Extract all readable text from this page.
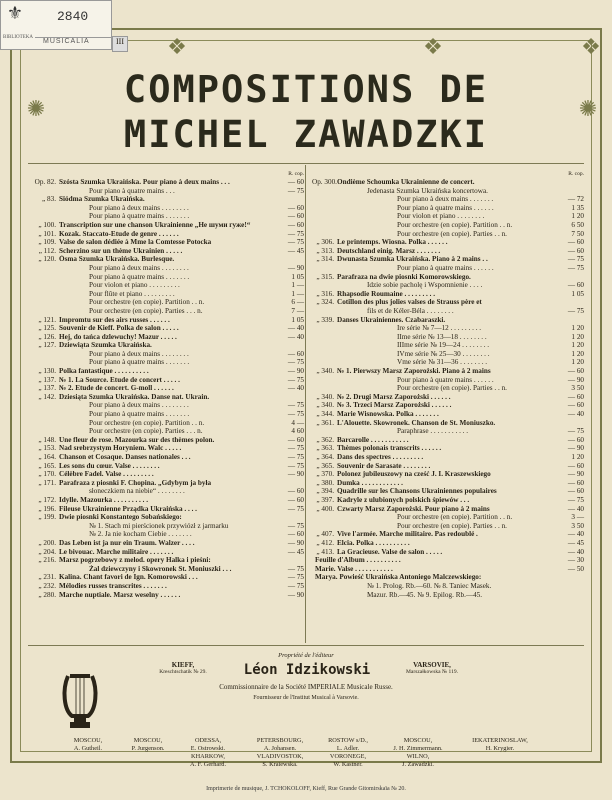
❖	❖	❖
✺	✺
⚜	2840
BIBLIOTEKA
MUSICALIA	III
COMPOSITIONS DE
MICHEL ZAWADZKI
R. cop.
Op. 82. Szósta Szumka Ukraińska. Pour piano à deux mains . . .	— 60
Pour piano à quatre mains . . .	— 75
„ 83. Siódma Szumka Ukraińska.
Pour piano à deux mains . . . . . . . .	— 60
Pour piano à quatre mains . . . . . . .	— 60
„ 100. Transcription sur une chanson Ukrainienne „He шуми гуже!“	— 60
„ 101. Kozak. Staccato-Etude de genre . . . . . .	— 75
„ 109. Valse de salon dédiée à Mme la Comtesse Potocka	— 75
„ 112. Scherzino sur un thème Ukrainien . . . . .	— 45
„ 120. Ósma Szumka Ukraińska. Burlesque.
Pour piano à deux mains . . . . . . . .	— 90
Pour piano à quatre mains . . . . . . .	1 05
Pour violon et piano . . . . . . . . .	1 —
Pour flûte et piano . . . . . . . . .	1 —
Pour orchestre (en copie). Partition . . n.	6 —
Pour orchestre (en copie). Parties . . . n.	7 —
„ 121. Impromtu sur des airs russes . . . . . .	1 05
„ 125. Souvenir de Kieff. Polka de salon . . . . .	— 40
„ 126. Hej, do tańca dzlewuchy! Mazur . . . . .	— 40
„ 127. Dziewiąta Szumka Ukraińska.
Pour piano à deux mains . . . . . . . .	— 60
Pour piano à quatre mains . . . . . . .	— 75
„ 130. Polka fantastique . . . . . . . . . .	— 90
„ 137. № 1. La Source. Etude de concert . . . . .	— 75
„ 137. № 2. Etude de concert. G-moll . . . . . .	— 40
„ 142. Dziesiąta Szumka Ukraińska. Danse nat. Ukrain.
Pour piano à deux mains . . . . . . . .	— 75
Pour piano à quatre mains . . . . . . .	— 75
Pour orchestre (en copie). Partition . . n.	4 —
Pour orchestre (en copie). Parties . . . n.	4 60
„ 148. Une fleur de rose. Mazourka sur des thèmes polon.	— 60
„ 153. Nad srebrzystym Horyniem. Walc . . . . .	— 75
„ 164. Chanson et Cosaque. Danses nationales . . .	— 75
„ 165. Les sons du cœur. Valse . . . . . . . .	— 75
„ 170. Célèbre Fadel. Valse . . . . . . . . .	— 90
„ 171. Parafraza z piosnki F. Chopina. „Gdybym ja była
słoneczkiem na niebie“ . . . . . . . .	— 60
„ 172. Idylle. Mazourka . . . . . . . . . .	— 60
„ 196. Fileuse Ukrainienne Prządka Ukraińska . . . .	— 75
„ 199. Dwie piosnki Konstantego Sobańskiego:
№ 1. Stach mi pierścionek przywiózł z jarmarku	— 75
№ 2. Ja nie kocham Ciebie . . . . . . .	— 60
„ 200. Das Leben ist ja nur ein Traum. Walzer . . . .	— 90
„ 204. Le bivouac. Marche militaire . . . . . . .	— 45
„ 216. Marsz pogrzebowy z melod. opery Halka i pieśni:
Żal dziewczyny i Skowronek St. Moniuszki . . .	— 75
„ 231. Kalina. Chant favori de Ign. Komorowski . . .	— 75
„ 232. Mélodies russes transcrites . . . . . . .	— 75
„ 280. Marche nuptiale. Marsz weselny . . . . . .	— 90
R. cop.
Op. 300. Ondième Schoumka Ukrainienne de concert.
Jedenasta Szumka Ukraińska koncertowa.
Pour piano à deux mains . . . . . . .	— 72
Pour piano à quatre mains . . . . . .	1 35
Pour violon et piano . . . . . . . .	1 20
Pour orchestre (en copie). Partition . . n.	6 50
Pour orchestre (en copie). Parties . . n.	7 50
„ 306. Le printemps. Wiosna. Polka . . . . . .	— 60
„ 313. Deutschland einig. Marsz . . . . . . .	— 60
„ 314. Dwunasta Szumka Ukraińska. Piano à 2 mains . .	— 75
Pour piano à quatre mains . . . . . .	— 75
„ 315. Parafraza na dwie piosnki Komorowskiego.
Idzie sobie pacholę i Wspomnienie . . . .	— 60
„ 316. Rhapsodie Roumaine . . . . . . . . .	1 05
„ 324. Cotillon des plus jolies valses de Strauss père et
fils et de Kéler-Béla . . . . . . . .	— 75
„ 339. Danses Ukrainiennes. Czabaraszki.
Ire série № 7—12 . . . . . . . . .	1 20
IIme série № 13—18 . . . . . . . .	1 20
IIIme série № 19—24 . . . . . . . .	1 20
IVme série № 25—30 . . . . . . . .	1 20
Vme série № 31—36 . . . . . . . .	1 20
„ 340. № 1. Pierwszy Marsz Zaporożski. Piano à 2 mains	— 60
Pour piano à quatre mains . . . . . .	— 90
Pour orchestre (en copie). Parties . . n.	3 50
„ 340. № 2. Drugi Marsz Zaporożski . . . . . .	— 60
„ 340. № 3. Trzeci Marsz Zaporożski . . . . . .	— 60
„ 344. Marie Wisnowska. Polka . . . . . . .	— 40
„ 361. L'Alouette. Skowronek. Chanson de St. Moniuszko.
Paraphrase . . . . . . . . . . .	— 75
„ 362. Barcarolle . . . . . . . . . . .	— 60
„ 363. Thèmes polonais transcrits . . . . . .	— 90
„ 364. Dans des spectres . . . . . . . . .	1 20
„ 365. Souvenir de Sarasate . . . . . . . .	— 60
„ 370. Polonez jubileuszowy na cześć J. I. Kraszewskiego	— 90
„ 380. Dumka . . . . . . . . . . . .	— 60
„ 394. Quadrille sur les Chansons Ukrainiennes populaires	— 60
„ 397. Kadryle z ulubionych polskich śpiewów . . .	— 75
„ 400. Czwarty Marsz Zaporożski. Pour piano à 2 mains	— 40
Pour orchestre (en copie). Partition . . n.	3 —
Pour orchestre (en copie). Parties . . n.	3 50
„ 407. Vive l'armée. Marche militaire. Pas redoublé .	— 40
„ 412. Elcia. Polka . . . . . . . . . .	— 45
„ 413. La Gracieuse. Valse de salon . . . . .	— 40
Feuille d'Album . . . . . . . . . .	— 30
Marie. Valse . . . . . . . . . . .	— 50
Marya. Powieść Ukraińska Antoniego Malczewskiego:
№ 1. Prolog. Rb.—60. № 8. Taniec Masek.
Mazur. Rb.—45. № 9. Epilog. Rb.—45.
Propriété de l'éditeur
KIEFF,
Kreschtschatik № 29.	Léon Idzikowski	VARSOVIE,
Marszałkowska № 119.
Commissionnaire de la Société IMPERIALE Musicale Russe.
Fournisseur de l'Institut Musical à Varsovie.
MOSCOU,
A. Gutheil.
MOSCOU,
P. Jurgenson.
ODESSA,
E. Ostrowski.
KHARKOW,
A. F. Gerhard.
PETERSBOURG,
A. Johansen.
VLADIVOSTOK,
S. Kraiewska.
ROSTOW s/D.,
L. Adler.
VORONEGE,
W. Kastner.
MOSCOU,
J. H. Zimmermann.
WILNO,
J. Zawadzki.
IEKATERINOSLAW,
H. Krygier.
Imprimerie de musique, J. TCHOKOLOFF, Kieff, Rue Grande Gitomirskaïa № 20.
